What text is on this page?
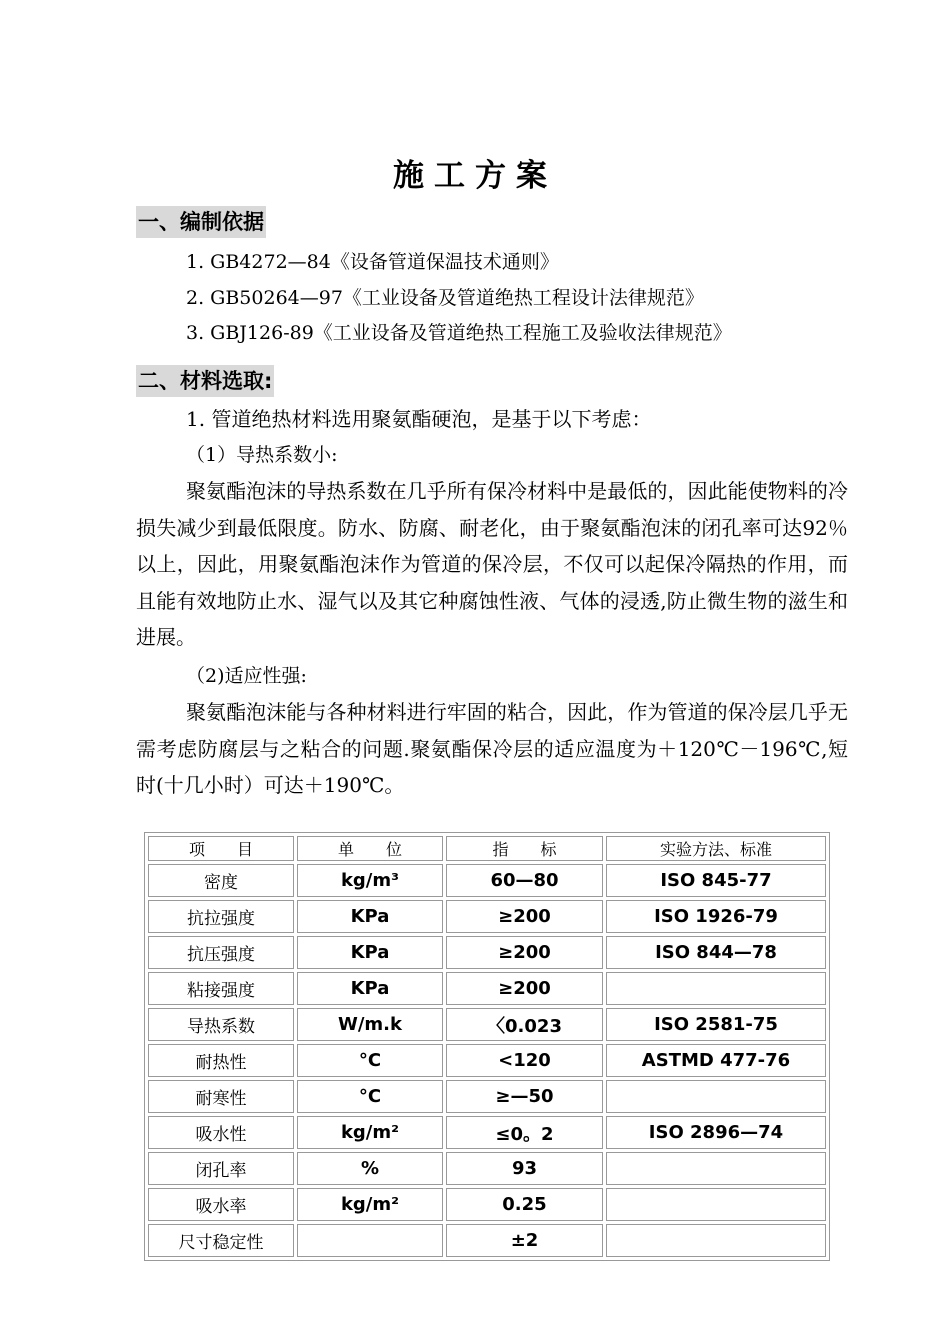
施工方案
一、编制依据
1. GB4272—84《设备管道保温技术通则》
2. GB50264—97《工业设备及管道绝热工程设计法律规范》
3. GBJ126-89《工业设备及管道绝热工程施工及验收法律规范》
二、材料选取:
1. 管道绝热材料选用聚氨酯硬泡，是基于以下考虑：
（1）导热系数小:
聚氨酯泡沫的导热系数在几乎所有保冷材料中是最低的，因此能使物料的冷损失减少到最低限度。防水、防腐、耐老化，由于聚氨酯泡沫的闭孔率可达92％以上，因此，用聚氨酯泡沫作为管道的保冷层，不仅可以起保冷隔热的作用，而且能有效地防止水、湿气以及其它种腐蚀性液、气体的浸透,防止微生物的滋生和进展。
（2)适应性强:
聚氨酯泡沫能与各种材料进行牢固的粘合，因此，作为管道的保冷层几乎无需考虑防腐层与之粘合的问题.聚氨酯保冷层的适应温度为＋120℃－196℃,短时(十几小时）可达＋190℃。
项　　目	单　　位	指　　标	实验方法、标准
密度	kg/m³	60—80	ISO 845-77
抗拉强度	KPa	≥200	ISO 1926-79
抗压强度	KPa	≥200	ISO 844—78
粘接强度	KPa	≥200	
导热系数	W/m.k	〈0.023	ISO 2581-75
耐热性	°C	<120	ASTMD 477-76
耐寒性	°C	≥—50	
吸水性	kg/m²	≤0。2	ISO 2896—74
闭孔率	%	93	
吸水率	kg/m²	0.25	
尺寸稳定性		±2	
